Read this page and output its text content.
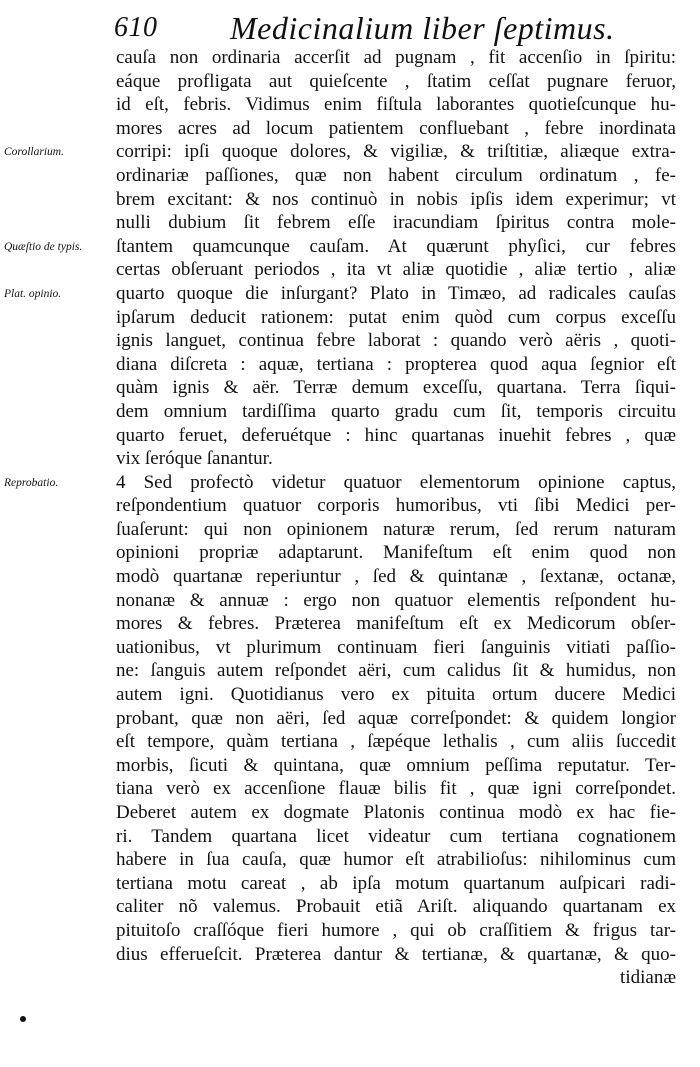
610 Medicinalium liber ſeptimus.
Corollarium.
Quæſtio de typis.
Plat. opinio.
Reprobatio.
cauſa non ordinaria accerſit ad pugnam , fit accenſio in ſpiritu:
eáque profligata aut quieſcente , ſtatim ceſſat pugnare feruor,
id eſt, febris. Vidimus enim fiſtula laborantes quotieſcunque hu-
mores acres ad locum patientem confluebant , febre inordinata
corripi: ipſi quoque dolores, & vigiliæ, & triſtitiæ, aliæque extra-
ordinariæ paſſiones, quæ non habent circulum ordinatum , fe-
brem excitant: & nos continuò in nobis ipſis idem experimur; vt
nulli dubium ſit febrem eſſe iracundiam ſpiritus contra mole-
ſtantem quamcunque cauſam. At quærunt phyſici, cur febres
certas obſeruant periodos , ita vt aliæ quotidie , aliæ tertio , aliæ
quarto quoque die inſurgant? Plato in Timæo, ad radicales cauſas
ipſarum deducit rationem: putat enim quòd cum corpus exceſſu
ignis languet, continua febre laborat : quando verò aëris , quoti-
diana diſcreta : aquæ, tertiana : propterea quod aqua ſegnior eſt
quàm ignis & aër. Terræ demum exceſſu, quartana. Terra ſiqui-
dem omnium tardiſſima quarto gradu cum ſit, temporis circuitu
quarto feruet, deferuétque : hinc quartanas inuehit febres , quæ
vix ſeróque ſanantur.
4 Sed profectò videtur quatuor elementorum opinione captus,
reſpondentium quatuor corporis humoribus, vti ſibi Medici per-
ſuaſerunt: qui non opinionem naturæ rerum, ſed rerum naturam
opinioni propriæ adaptarunt. Manifeſtum eſt enim quod non
modò quartanæ reperiuntur , ſed & quintanæ , ſextanæ, octanæ,
nonanæ & annuæ : ergo non quatuor elementis reſpondent hu-
mores & febres. Præterea manifeſtum eſt ex Medicorum obſer-
uationibus, vt plurimum continuam fieri ſanguinis vitiati paſſio-
ne: ſanguis autem reſpondet aëri, cum calidus ſit & humidus, non
autem igni. Quotidianus vero ex pituita ortum ducere Medici
probant, quæ non aëri, ſed aquæ correſpondet: & quidem longior
eſt tempore, quàm tertiana , ſæpéque lethalis , cum aliis ſuccedit
morbis, ſicuti & quintana, quæ omnium peſſima reputatur. Ter-
tiana verò ex accenſione flauæ bilis fit , quæ igni correſpondet.
Deberet autem ex dogmate Platonis continua modò ex hac fie-
ri. Tandem quartana licet videatur cum tertiana cognationem
habere in ſua cauſa, quæ humor eſt atrabilioſus: nihilominus cum
tertiana motu careat , ab ipſa motum quartanum auſpicari radi-
caliter nõ valemus. Probauit etiã Ariſt. aliquando quartanam ex
pituitoſo craſſóque fieri humore , qui ob craſſitiem & frigus tar-
dius efferueſcit. Præterea dantur & tertianæ, & quartanæ, & quo-
tidianæ
